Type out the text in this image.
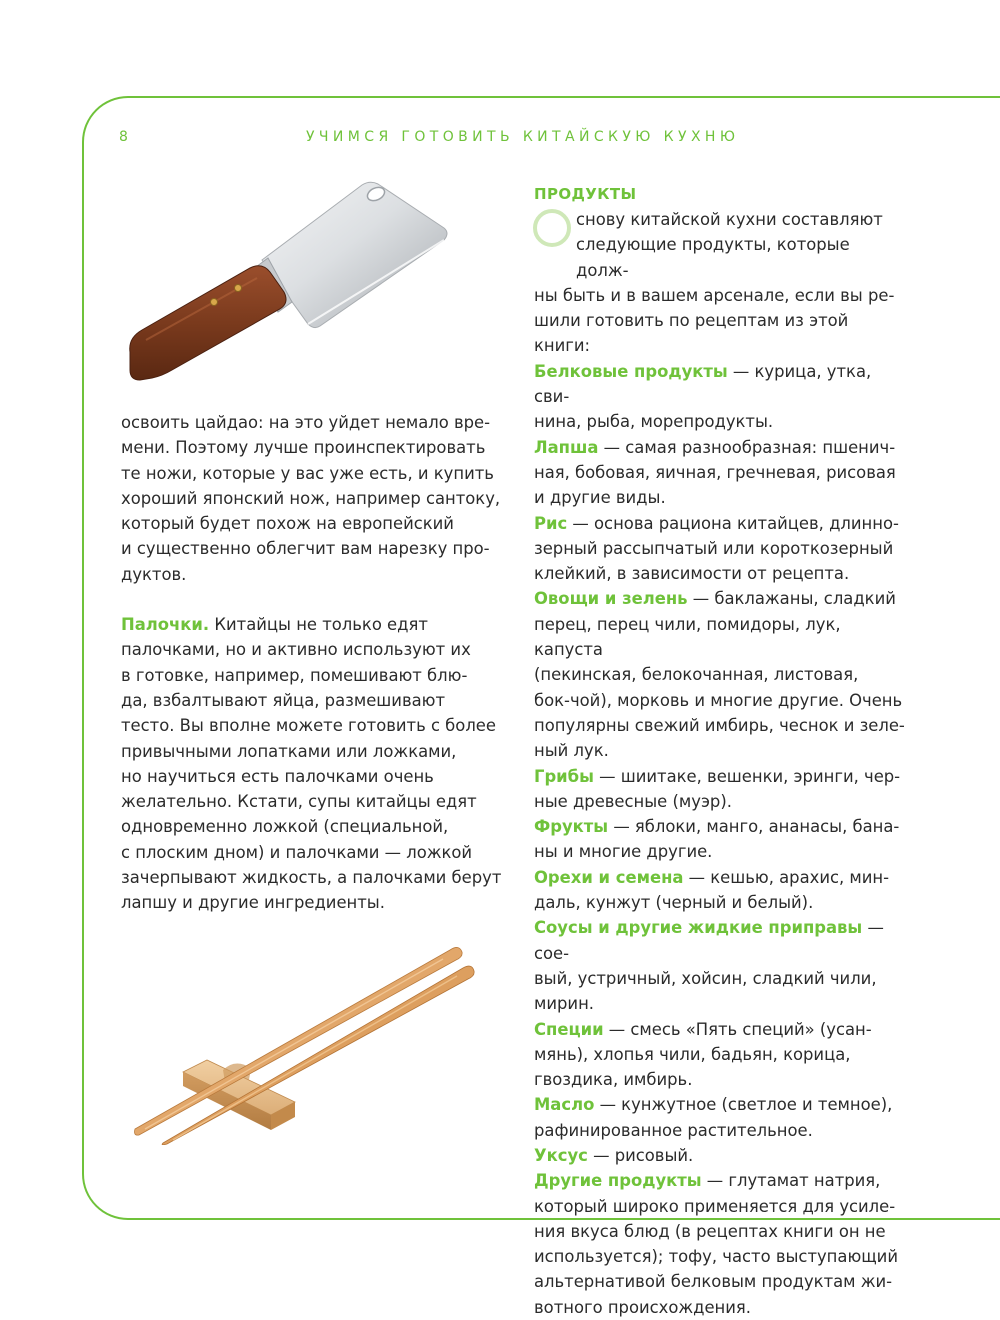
8	УЧИМСЯ ГОТОВИТЬ КИТАЙСКУЮ КУХНЮ

освоить цайдао: на это уйдет немало вре-
мени. Поэтому лучше проинспектировать
те ножи, которые у вас уже есть, и купить
хороший японский нож, например сантоку,
который будет похож на европейский
и существенно облегчит вам нарезку про-
дуктов.

Палочки. Китайцы не только едят
палочками, но и активно используют их
в готовке, например, помешивают блю-
да, взбалтывают яйца, размешивают
тесто. Вы вполне можете готовить с более
привычными лопатками или ложками,
но научиться есть палочками очень
желательно. Кстати, супы китайцы едят
одновременно ложкой (специальной,
с плоским дном) и палочками — ложкой
зачерпывают жидкость, а палочками берут
лапшу и другие ингредиенты.

ПРОДУКТЫ
снову китайской кухни составляют
следующие продукты, которые долж-
ны быть и в вашем арсенале, если вы ре-
шили готовить по рецептам из этой книги:

Белковые продукты — курица, утка, сви-
нина, рыба, морепродукты.

Лапша — самая разнообразная: пшенич-
ная, бобовая, яичная, гречневая, рисовая
и другие виды.

Рис — основа рациона китайцев, длинно-
зерный рассыпчатый или короткозерный
клейкий, в зависимости от рецепта.

Овощи и зелень — баклажаны, сладкий
перец, перец чили, помидоры, лук, капуста
(пекинская, белокочанная, листовая,
бок-чой), морковь и многие другие. Очень
популярны свежий имбирь, чеснок и зеле-
ный лук.

Грибы — шиитаке, вешенки, эринги, чер-
ные древесные (муэр).

Фрукты — яблоки, манго, ананасы, бана-
ны и многие другие.

Орехи и семена — кешью, арахис, мин-
даль, кунжут (черный и белый).

Соусы и другие жидкие приправы — сое-
вый, устричный, хойсин, сладкий чили,
мирин.

Специи — смесь «Пять специй» (усан-
мянь), хлопья чили, бадьян, корица,
гвоздика, имбирь.

Масло — кунжутное (светлое и темное),
рафинированное растительное.

Уксус — рисовый.

Другие продукты — глутамат натрия,
который широко применяется для усиле-
ния вкуса блюд (в рецептах книги он не
используется); тофу, часто выступающий
альтернативой белковым продуктам жи-
вотного происхождения.
